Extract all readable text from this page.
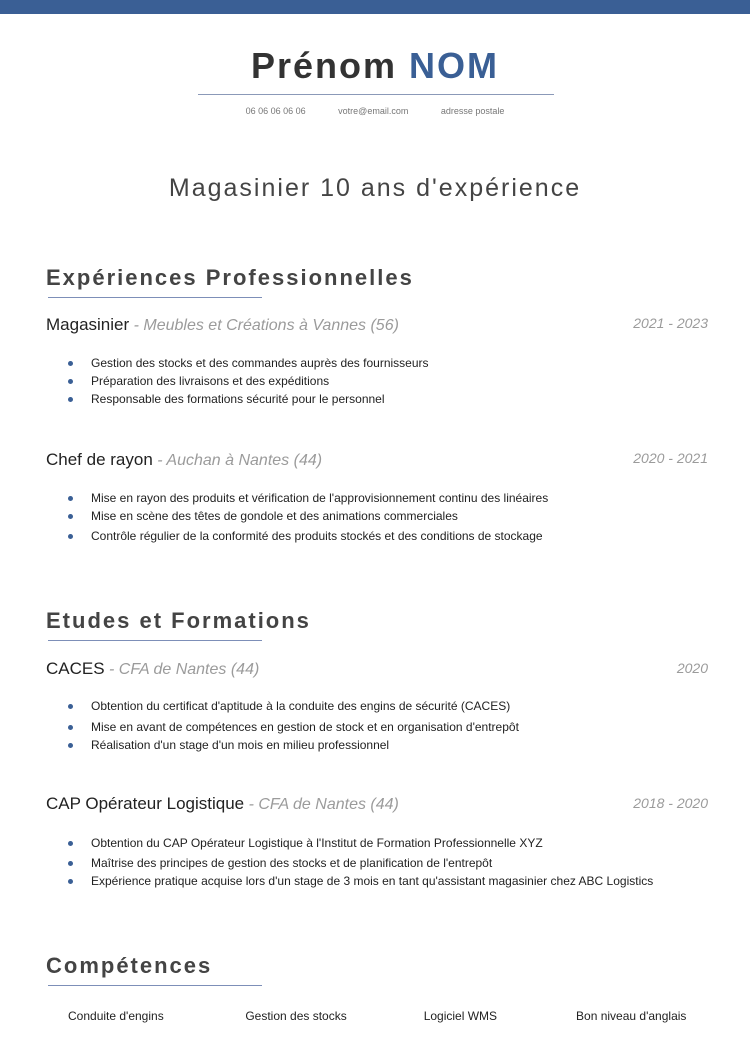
Prénom NOM
06 06 06 06 06	votre@email.com	adresse postale
Magasinier 10 ans d'expérience
Expériences Professionnelles
Magasinier - Meubles et Créations à Vannes (56)	2021 - 2023
Gestion des stocks et des commandes auprès des fournisseurs
Préparation des livraisons et des expéditions
Responsable des formations sécurité pour le personnel
Chef de rayon - Auchan à Nantes (44)	2020 - 2021
Mise en rayon des produits et vérification de l'approvisionnement continu des linéaires
Mise en scène des têtes de gondole et des animations commerciales
Contrôle régulier de la conformité des produits stockés et des conditions de stockage
Etudes et Formations
CACES - CFA de Nantes (44)	2020
Obtention du certificat d'aptitude à la conduite des engins de sécurité (CACES)
Mise en avant de compétences en gestion de stock et en organisation d'entrepôt
Réalisation d'un stage d'un mois en milieu professionnel
CAP Opérateur Logistique - CFA de Nantes (44)	2018 - 2020
Obtention du CAP Opérateur Logistique à l'Institut de Formation Professionnelle XYZ
Maîtrise des principes de gestion des stocks et de planification de l'entrepôt
Expérience pratique acquise lors d'un stage de 3 mois en tant qu'assistant magasinier chez ABC Logistics
Compétences
Conduite d'engins	Gestion des stocks	Logiciel WMS	Bon niveau d'anglais
